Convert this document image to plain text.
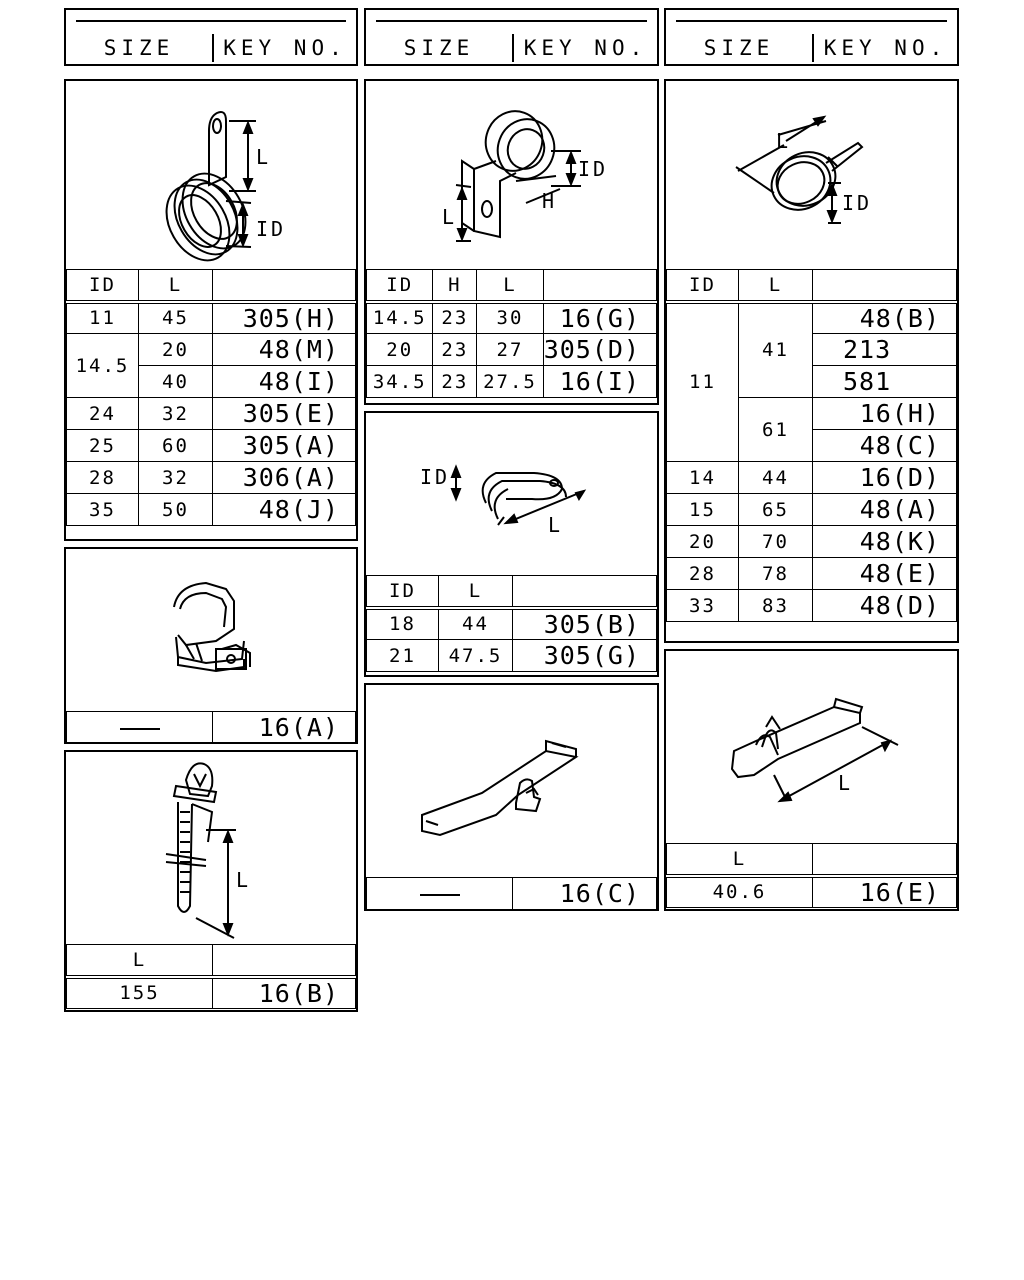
SIZE	KEY NO.	SIZE	KEY NO.	SIZE	KEY NO.
L
ID
ID	L	
11	45	305(H)
14.5	20	48(M)
	40	48(I)
24	32	305(E)
25	60	305(A)
28	32	306(A)
35	50	48(J)
L
H
ID
ID	H	L	
14.5	23	30	16(G)
20	23	27	305(D)
34.5	23	27.5	16(I)
L
ID
ID	L	
11	41	48(B)
		213
		581
	61	16(H)
		48(C)
14	44	16(D)
15	65	48(A)
20	70	48(K)
28	78	48(E)
33	83	48(D)
	16(A)
L
L	
155	16(B)
ID
L
ID	L	
18	44	305(B)
21	47.5	305(G)
	16(C)
L
L	
40.6	16(E)
